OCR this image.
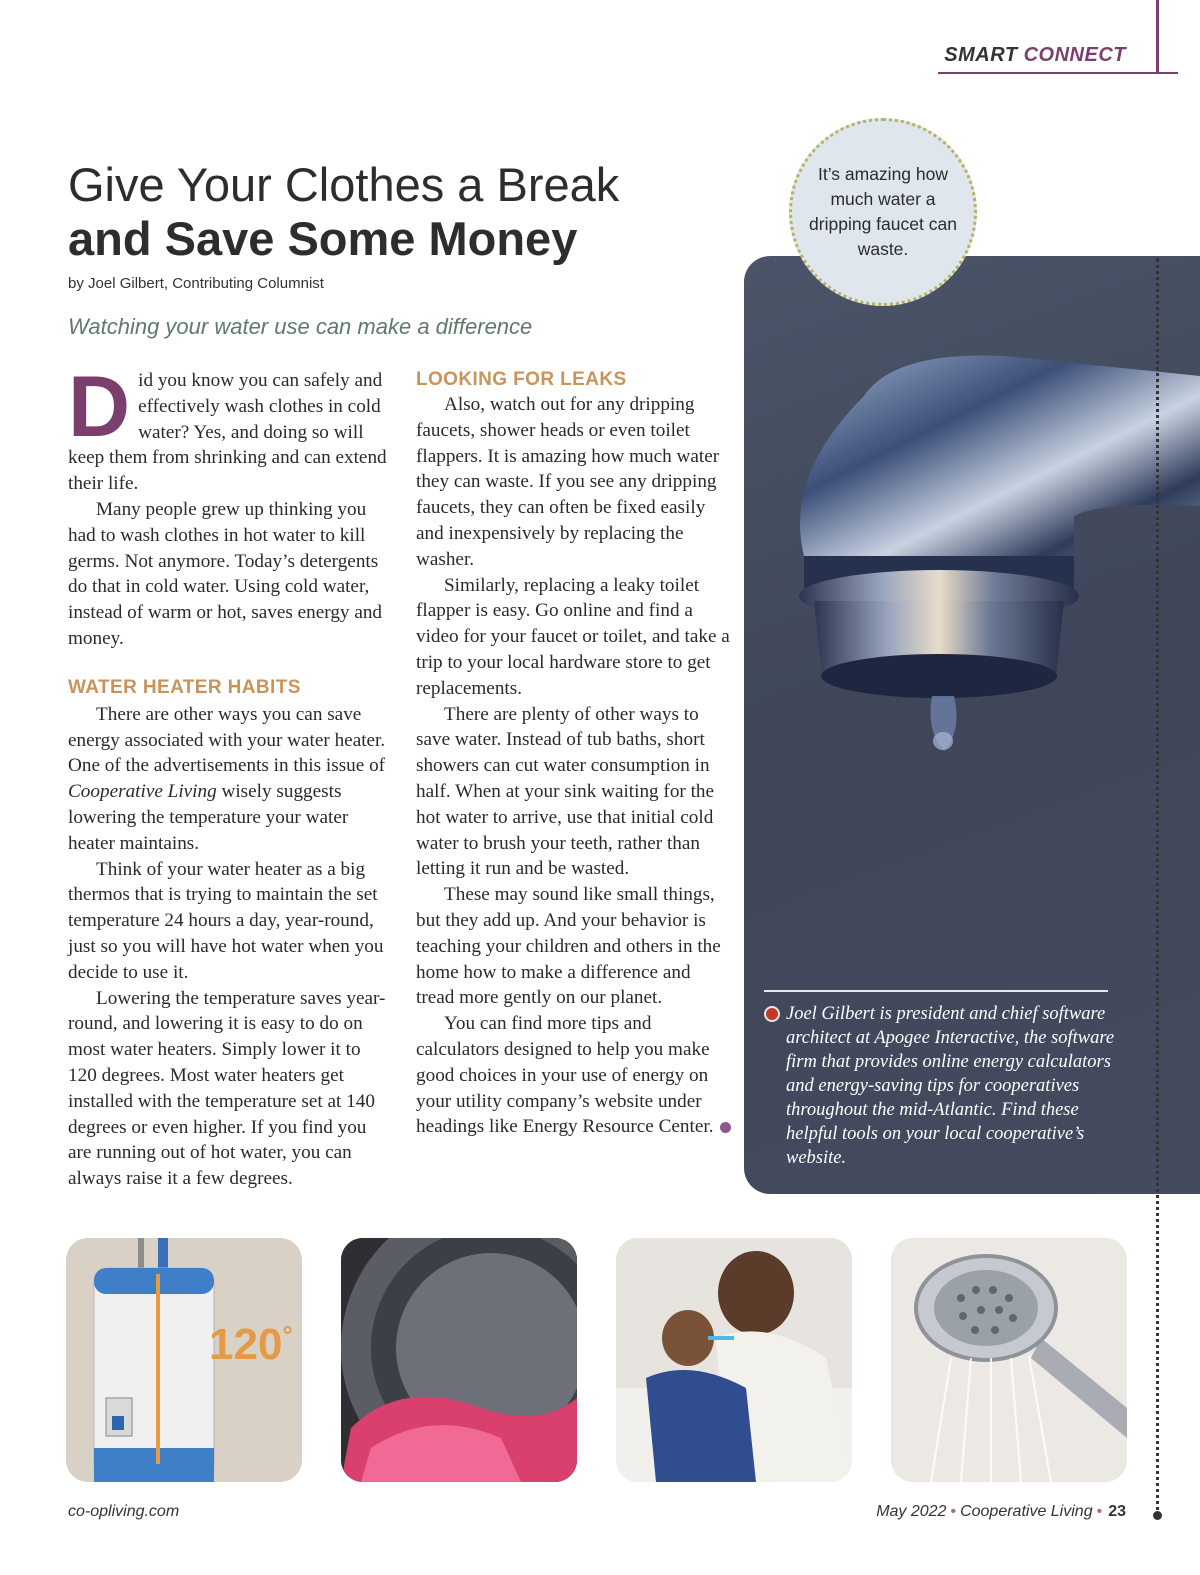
SMART CONNECT
Give Your Clothes a Break
and Save Some Money
by Joel Gilbert, Contributing Columnist
Watching your water use can make a difference

Did you know you can safely and effectively wash clothes in cold water? Yes, and doing so will keep them from shrinking and can extend their life.

Many people grew up thinking you had to wash clothes in hot water to kill germs. Not anymore. Today’s detergents do that in cold water. Using cold water, instead of warm or hot, saves energy and money.

WATER HEATER HABITS

There are other ways you can save energy associated with your water heater. One of the advertisements in this issue of Cooperative Living wisely suggests lowering the temperature your water heater maintains.

Think of your water heater as a big thermos that is trying to maintain the set temperature 24 hours a day, year-round, just so you will have hot water when you decide to use it.

Lowering the temperature saves year-round, and lowering it is easy to do on most water heaters. Simply lower it to 120 degrees. Most water heaters get installed with the temperature set at 140 degrees or even higher. If you find you are running out of hot water, you can always raise it a few degrees.

LOOKING FOR LEAKS

Also, watch out for any dripping faucets, shower heads or even toilet flappers. It is amazing how much water they can waste. If you see any dripping faucets, they can often be fixed easily and inexpensively by replacing the washer.

Similarly, replacing a leaky toilet flapper is easy. Go online and find a video for your faucet or toilet, and take a trip to your local hardware store to get replacements.

There are plenty of other ways to save water. Instead of tub baths, short showers can cut water consumption in half. When at your sink waiting for the hot water to arrive, use that initial cold water to brush your teeth, rather than letting it run and be wasted.

These may sound like small things, but they add up. And your behavior is teaching your children and others in the home how to make a difference and tread more gently on our planet.

You can find more tips and calculators designed to help you make good choices in your use of energy on your utility company’s website under headings like Energy Resource Center.

Joel Gilbert is president and chief software architect at Apogee Interactive, the software firm that provides online energy calculators and energy-saving tips for cooperatives throughout the mid-Atlantic. Find these helpful tools on your local cooperative’s website.

It’s amazing how much water a dripping faucet can waste.
120°
co-opliving.com	May 2022 • Cooperative Living • 23
